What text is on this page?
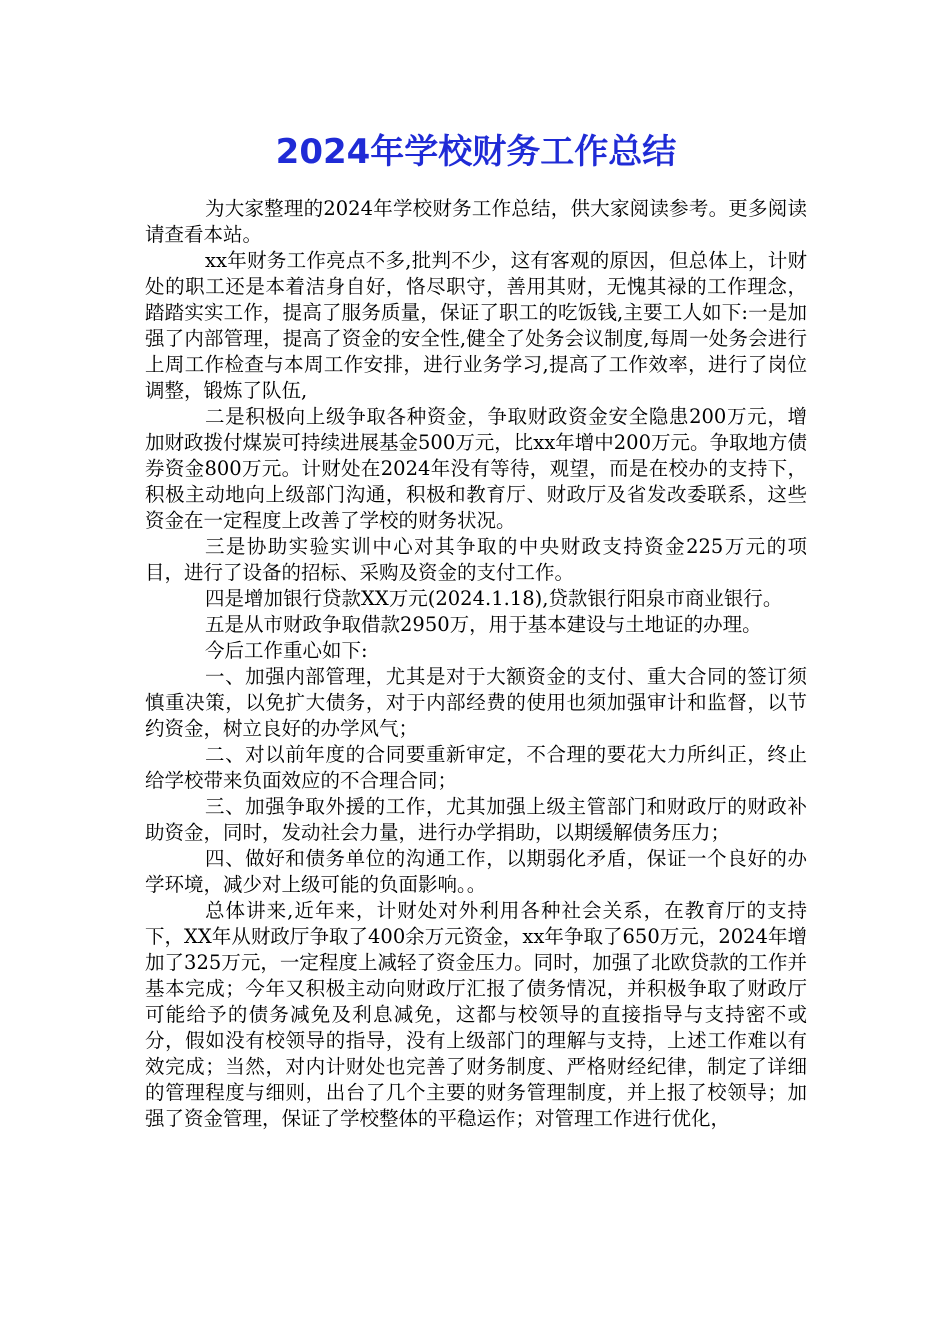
2024年学校财务工作总结

为大家整理的2024年学校财务工作总结，供大家阅读参考。更多阅读请查看本站。

xx年财务工作亮点不多,批判不少，这有客观的原因，但总体上，计财处的职工还是本着洁身自好，恪尽职守，善用其财，无愧其禄的工作理念，踏踏实实工作，提高了服务质量，保证了职工的吃饭钱,主要工人如下:一是加强了内部管理，提高了资金的安全性,健全了处务会议制度,每周一处务会进行上周工作检查与本周工作安排，进行业务学习,提高了工作效率，进行了岗位调整，锻炼了队伍,

二是积极向上级争取各种资金，争取财政资金安全隐患200万元，增加财政拨付煤炭可持续进展基金500万元，比xx年增中200万元。争取地方债券资金800万元。计财处在2024年没有等待，观望，而是在校办的支持下，积极主动地向上级部门沟通，积极和教育厅、财政厅及省发改委联系，这些资金在一定程度上改善了学校的财务状况。

三是协助实验实训中心对其争取的中央财政支持资金225万元的项目，进行了设备的招标、采购及资金的支付工作。

四是增加银行贷款XX万元(2024.1.18),贷款银行阳泉市商业银行。

五是从市财政争取借款2950万，用于基本建设与土地证的办理。

今后工作重心如下:

一、加强内部管理，尤其是对于大额资金的支付、重大合同的签订须慎重决策，以免扩大债务，对于内部经费的使用也须加强审计和监督，以节约资金，树立良好的办学风气；

二、对以前年度的合同要重新审定，不合理的要花大力所纠正，终止给学校带来负面效应的不合理合同；

三、加强争取外援的工作，尤其加强上级主管部门和财政厅的财政补助资金，同时，发动社会力量，进行办学捐助，以期缓解债务压力；

四、做好和债务单位的沟通工作，以期弱化矛盾，保证一个良好的办学环境，减少对上级可能的负面影响。。

总体讲来,近年来，计财处对外利用各种社会关系，在教育厅的支持下，XX年从财政厅争取了400余万元资金，xx年争取了650万元，2024年增加了325万元，一定程度上减轻了资金压力。同时，加强了北欧贷款的工作并基本完成；今年又积极主动向财政厅汇报了债务情况，并积极争取了财政厅可能给予的债务减免及利息减免，这都与校领导的直接指导与支持密不或分，假如没有校领导的指导，没有上级部门的理解与支持，上述工作难以有效完成；当然，对内计财处也完善了财务制度、严格财经纪律，制定了详细的管理程度与细则，出台了几个主要的财务管理制度，并上报了校领导；加强了资金管理，保证了学校整体的平稳运作；对管理工作进行优化，
